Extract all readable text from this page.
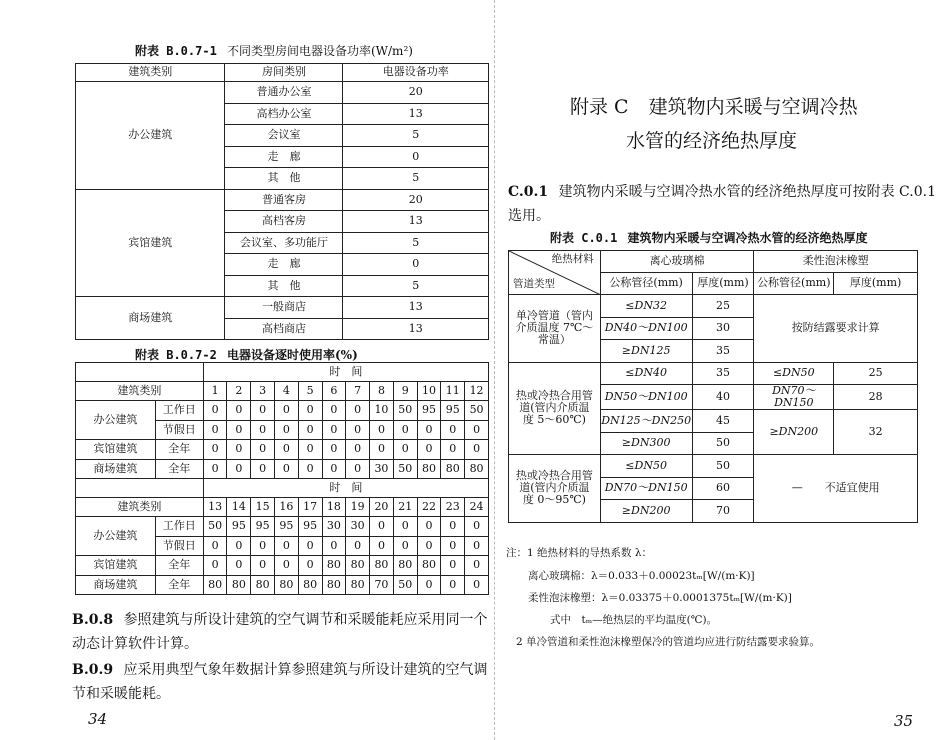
附表 B.0.7-1 不同类型房间电器设备功率(W/m²)
建筑类别	房间类别	电器设备功率
办公建筑	普通办公室	20
	高档办公室	13
	会议室	5
	走　廊	0
	其　他	5
宾馆建筑	普通客房	20
	高档客房	13
	会议室、多功能厅	5
	走　廊	0
	其　他	5
商场建筑	一般商店	13
	高档商店	13
附表 B.0.7-2 电器设备逐时使用率(%)
		时　间											
建筑类别		1	2	3	4	5	6	7	8	9	10	11	12
办公建筑	工作日	0	0	0	0	0	0	0	10	50	95	95	50
	节假日	0	0	0	0	0	0	0	0	0	0	0	0
宾馆建筑	全年	0	0	0	0	0	0	0	0	0	0	0	0
商场建筑	全年	0	0	0	0	0	0	0	30	50	80	80	80
		时　间											
建筑类别		13	14	15	16	17	18	19	20	21	22	23	24
办公建筑	工作日	50	95	95	95	95	30	30	0	0	0	0	0
	节假日	0	0	0	0	0	0	0	0	0	0	0	0
宾馆建筑	全年	0	0	0	0	0	80	80	80	80	80	0	0
商场建筑	全年	80	80	80	80	80	80	80	70	50	0	0	0
B.0.8 参照建筑与所设计建筑的空气调节和采暖能耗应采用同一个动态计算软件计算。
B.0.9 应采用典型气象年数据计算参照建筑与所设计建筑的空气调节和采暖能耗。
34
附录 C 建筑物内采暖与空调冷热
水管的经济绝热厚度
C.0.1 建筑物内采暖与空调冷热水管的经济绝热厚度可按附表 C.0.1 选用。
附表 C.0.1 建筑物内采暖与空调冷热水管的经济绝热厚度
绝热材料
管道类型	离心玻璃棉		柔性泡沫橡塑	
	公称管径(mm)	厚度(mm)	公称管径(mm)	厚度(mm)
单冷管道（管内介质温度 7℃～常温）	≤DN32	25	按防结露要求计算	
	DN40～DN100	30		
	≥DN125	35		
热或冷热合用管道(管内介质温度 5～60℃)	≤DN40	35	≤DN50	25
	DN50～DN100	40	DN70～DN150	28
	DN125～DN250	45	≥DN200	32
	≥DN300	50		
热或冷热合用管道(管内介质温度 0～95℃)	≤DN50	50	—　　不适宜使用	
	DN70～DN150	60		
	≥DN200	70		
注：1 绝热材料的导热系数 λ：
离心玻璃棉：λ＝0.033＋0.00023tₘ[W/(m·K)]
柔性泡沫橡塑：λ＝0.03375＋0.0001375tₘ[W/(m·K)]
式中　tₘ—绝热层的平均温度(℃)。
2 单冷管道和柔性泡沫橡塑保冷的管道均应进行防结露要求验算。
35
